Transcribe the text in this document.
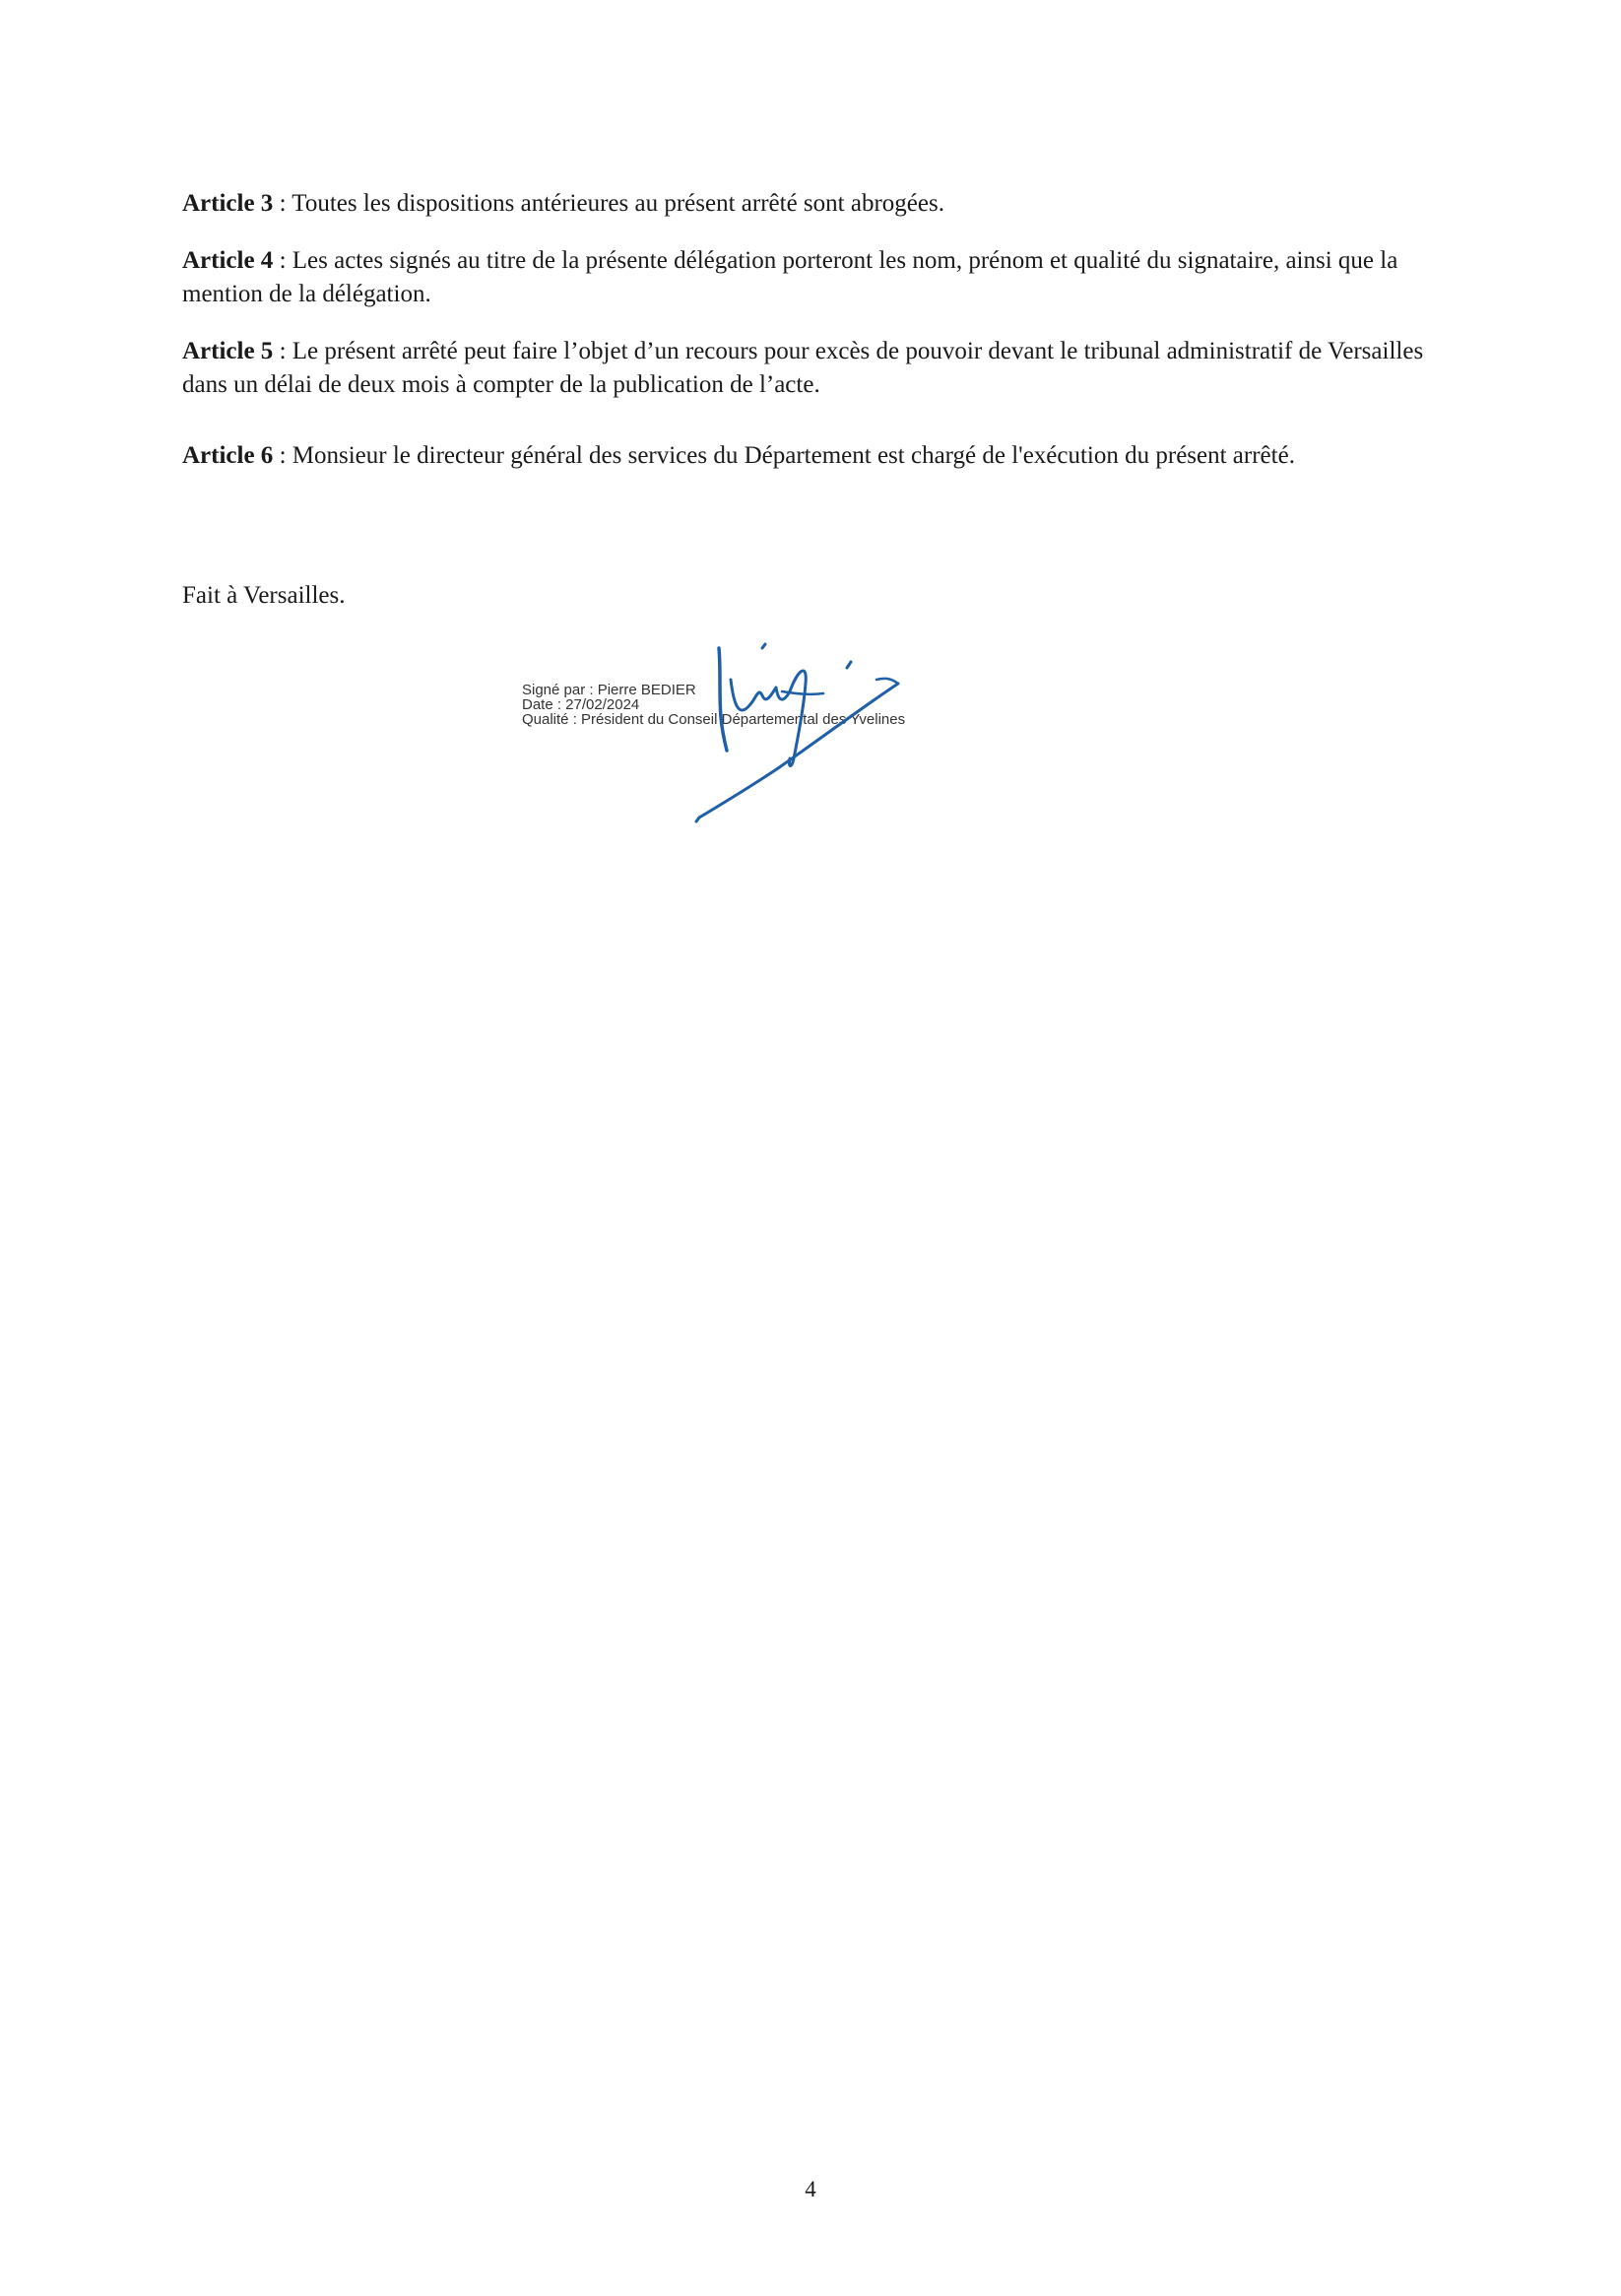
Article 3 : Toutes les dispositions antérieures au présent arrêté sont abrogées.

Article 4 : Les actes signés au titre de la présente délégation porteront les nom, prénom et qualité du signataire, ainsi que la mention de la délégation.

Article 5 : Le présent arrêté peut faire l’objet d’un recours pour excès de pouvoir devant le tribunal administratif de Versailles dans un délai de deux mois à compter de la publication de l’acte.

Article 6 : Monsieur le directeur général des services du Département est chargé de l'exécution du présent arrêté.

Fait à Versailles.

Signé par : Pierre BEDIER
Date : 27/02/2024
Qualité : Président du Conseil Départemental des Yvelines
4
